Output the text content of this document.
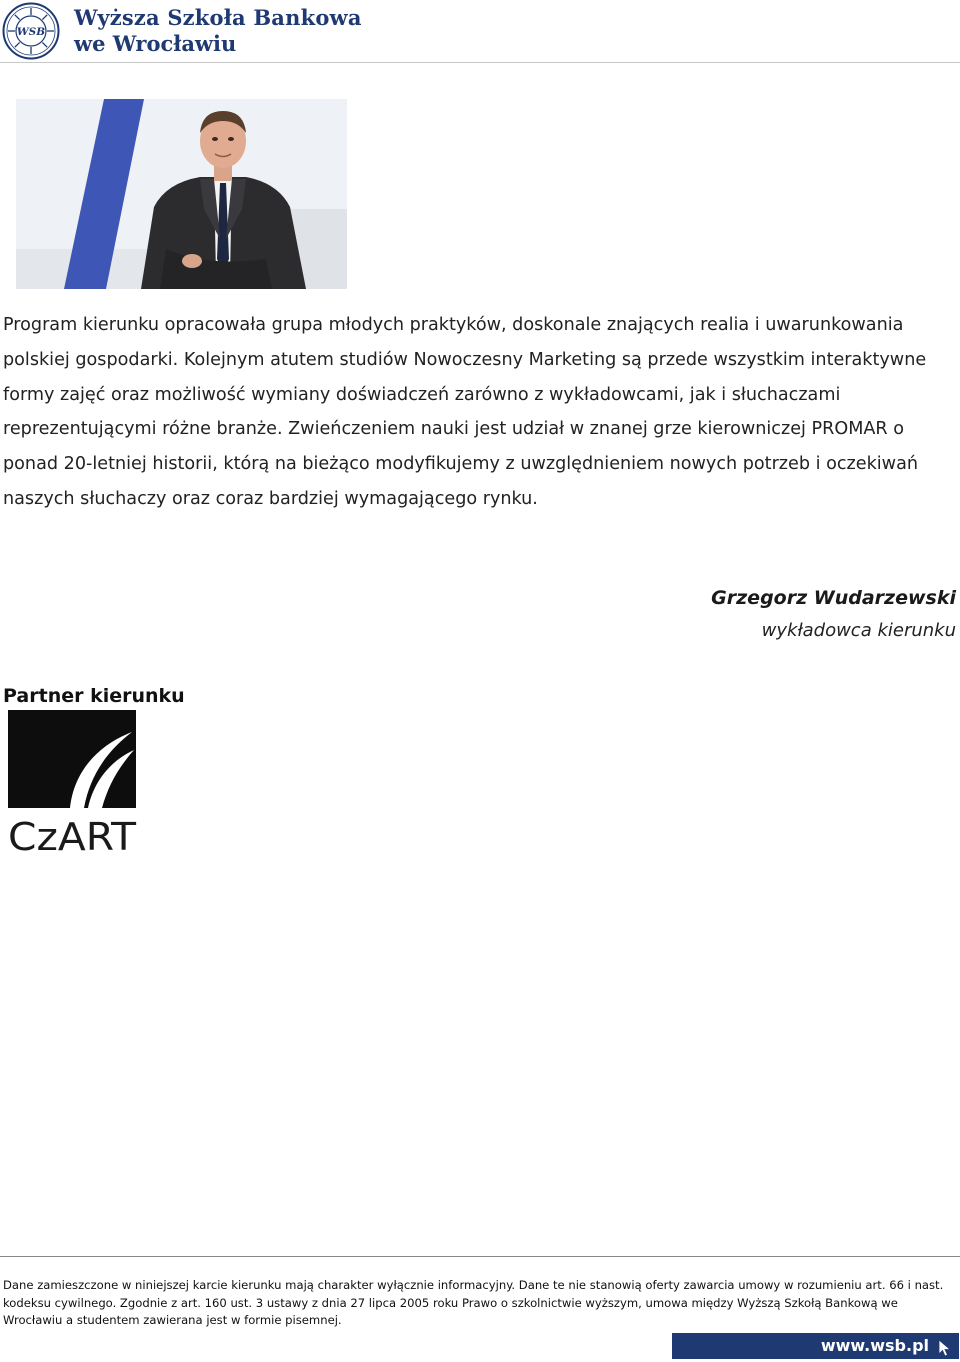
WSB
Wyższa Szkoła Bankowa
we Wrocławiu

Program kierunku opracowała grupa młodych praktyków, doskonale znających realia i uwarunkowania polskiej gospodarki. Kolejnym atutem studiów Nowoczesny Marketing są przede wszystkim interaktywne formy zajęć oraz możliwość wymiany doświadczeń zarówno z wykładowcami, jak i słuchaczami reprezentującymi różne branże. Zwieńczeniem nauki jest udział w znanej grze kierowniczej PROMAR o ponad 20-letniej historii, którą na bieżąco modyfikujemy z uwzględnieniem nowych potrzeb i oczekiwań naszych słuchaczy oraz coraz bardziej wymagającego rynku.

Grzegorz Wudarzewski
wykładowca kierunku
Partner kierunku
CzART

Dane zamieszczone w niniejszej karcie kierunku mają charakter wyłącznie informacyjny. Dane te nie stanowią oferty zawarcia umowy w rozumieniu art. 66 i nast. kodeksu cywilnego. Zgodnie z art. 160 ust. 3 ustawy z dnia 27 lipca 2005 roku Prawo o szkolnictwie wyższym, umowa między Wyższą Szkołą Bankową we Wrocławiu a studentem zawierana jest w formie pisemnej.

www.wsb.pl
